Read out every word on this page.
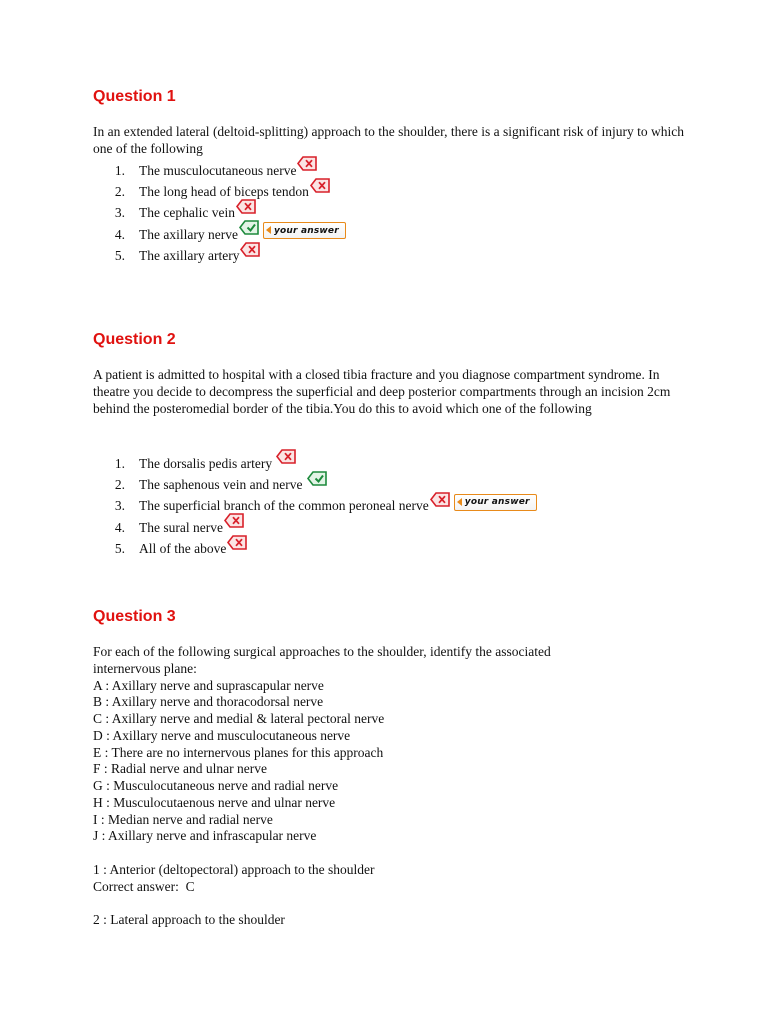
Question 1

In an extended lateral (deltoid-splitting) approach to the shoulder, there is a significant risk of injury to which one of the following

1.	The musculocutaneous nerve
2.	The long head of biceps tendon
3.	The cephalic vein
4.	The axillary nerve	your answer
5.	The axillary artery
Question 2

A patient is admitted to hospital with a closed tibia fracture and you diagnose compartment syndrome. In theatre you decide to decompress the superficial and deep posterior compartments through an incision 2cm behind the posteromedial border of the tibia.You do this to avoid which one of the following

1.	The dorsalis pedis artery
2.	The saphenous vein and nerve
3.	The superficial branch of the common peroneal nerve	your answer
4.	The sural nerve
5.	All of the above
Question 3
For each of the following surgical approaches to the shoulder, identify the associated
internervous plane:
A : Axillary nerve and suprascapular nerve
B : Axillary nerve and thoracodorsal nerve
C : Axillary nerve and medial & lateral pectoral nerve
D : Axillary nerve and musculocutaneous nerve
E : There are no internervous planes for this approach
F : Radial nerve and ulnar nerve
G : Musculocutaneous nerve and radial nerve
H : Musculocutaenous nerve and ulnar nerve
I : Median nerve and radial nerve
J : Axillary nerve and infrascapular nerve
1 : Anterior (deltopectoral) approach to the shoulder
Correct answer:  C
2 : Lateral approach to the shoulder
